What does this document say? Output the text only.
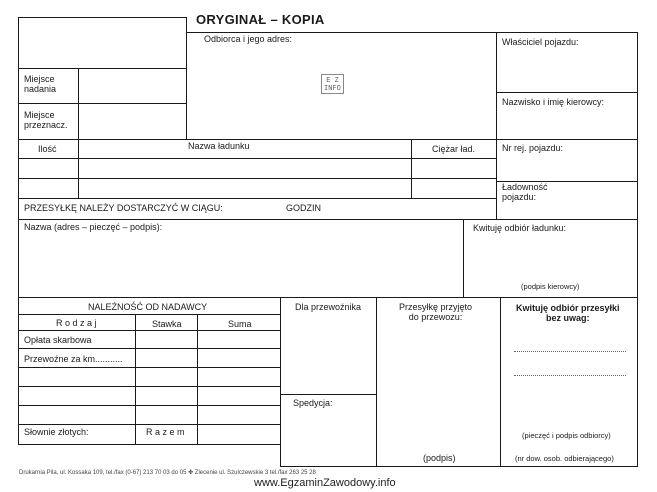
ORYGINAŁ – KOPIA
Odbiorca i jego adres:	Właściciel pojazdu:
Miejsce
nadania
Miejsce
przeznacz.
Nazwisko i imię kierowcy:
Nr rej. pojazdu:
Ładowność
pojazdu:
E Z
INFO
Ilość	Nazwa ładunku	Ciężar ład.
PRZESYŁKĘ NALEŻY DOSTARCZYĆ W CIĄGU:	GODZIN
Nazwa (adres – pieczęć – podpis):	Kwituję odbiór ładunku:
(podpis kierowcy)
NALEŻNOŚĆ OD NADAWCY
R o d z a j	Stawka	Suma
Opłata skarbowa
Przewoźne za km...........
Słownie złotych:	R a z e m
Dla przewoźnika
Spedycja:
Przesyłkę przyjęto
do przewozu:
(podpis)
Kwituję odbiór przesyłki
bez uwag:
(pieczęć i podpis odbiorcy)
(nr dow. osob. odbierającego)
Drukarnia Pila, ul. Kossaka 109, tel./fax (0-67) 213 70 03 do 05 ✤ Zlecenie ul. Szulczewskie 3 tel./fax 263 25 28
www.EgzaminZawodowy.info
